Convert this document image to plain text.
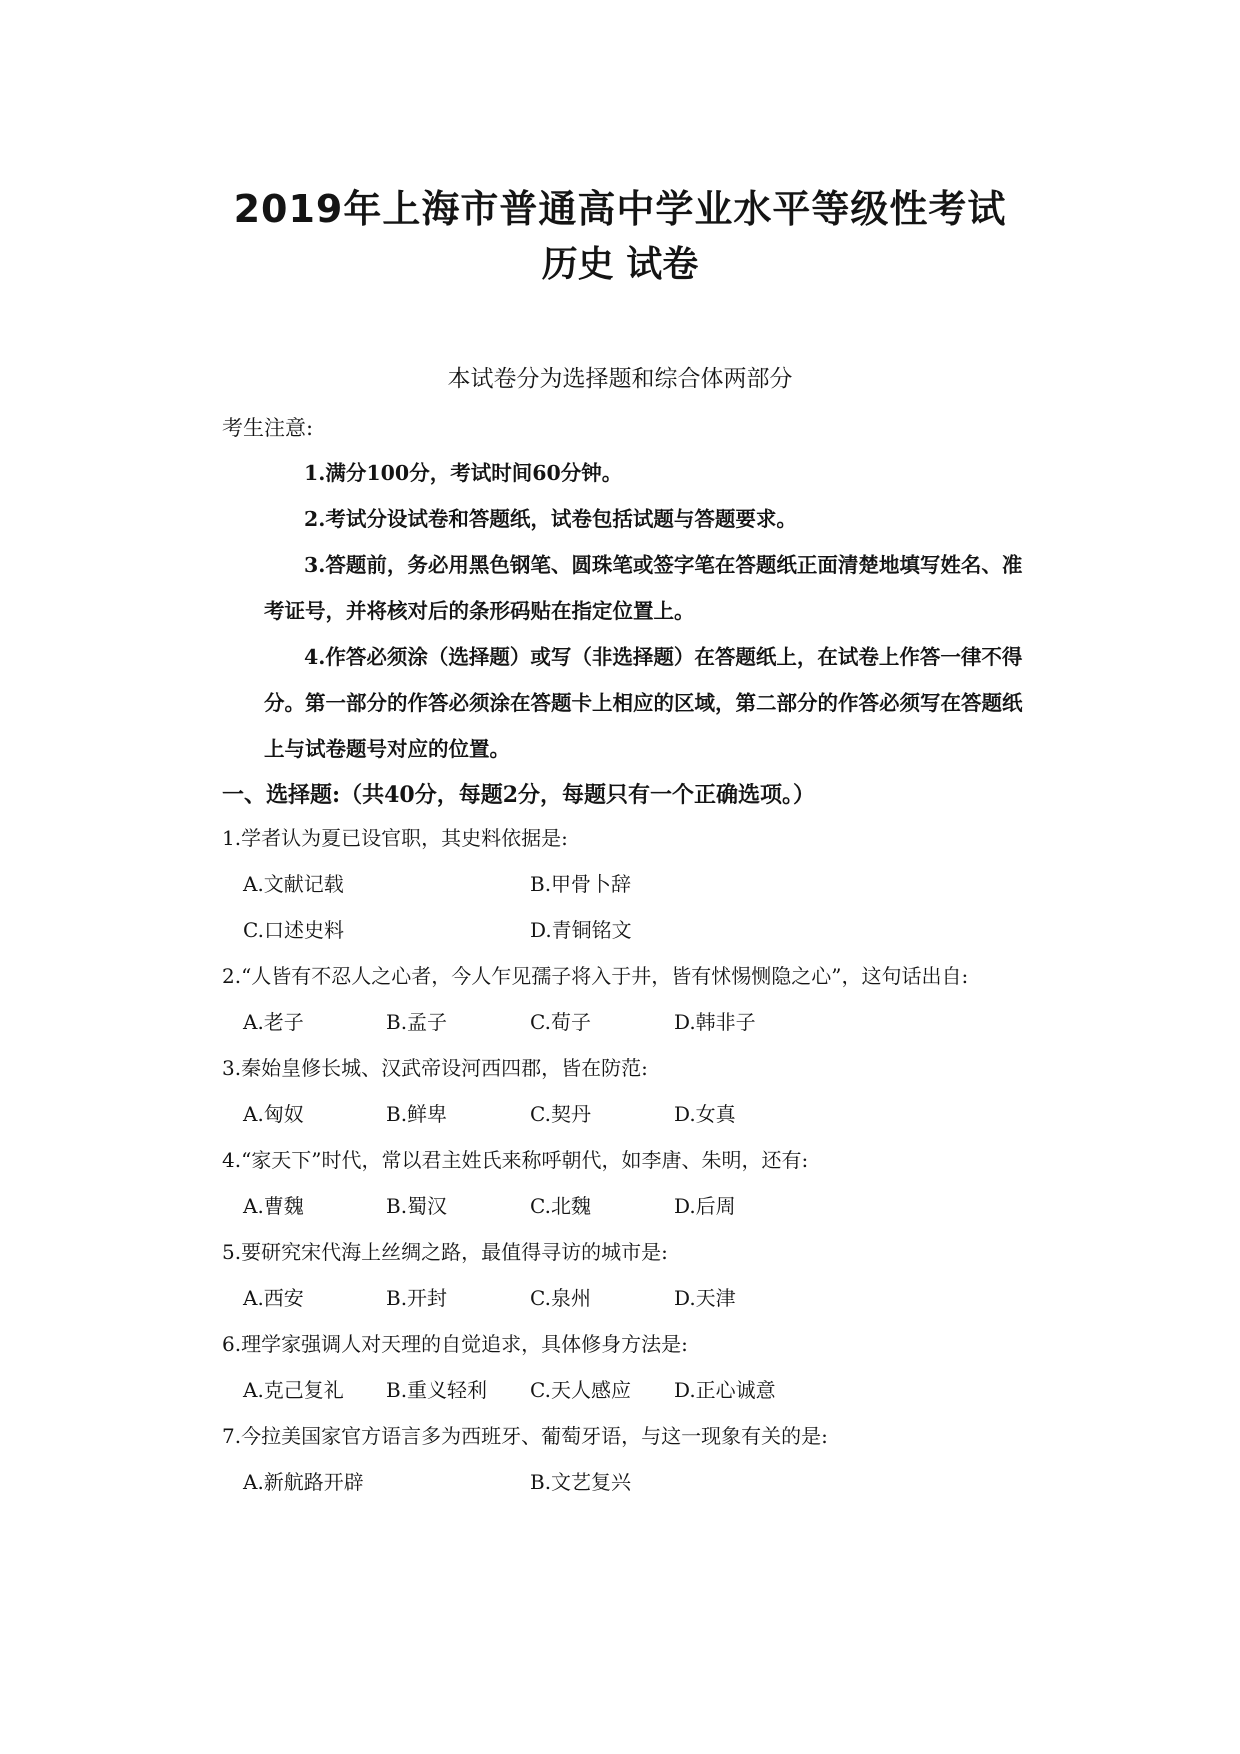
2019年上海市普通高中学业水平等级性考试
历史 试卷
本试卷分为选择题和综合体两部分
考生注意:
1.满分100分，考试时间60分钟。
2.考试分设试卷和答题纸，试卷包括试题与答题要求。
3.答题前，务必用黑色钢笔、圆珠笔或签字笔在答题纸正面清楚地填写姓名、准
考证号，并将核对后的条形码贴在指定位置上。
4.作答必须涂（选择题）或写（非选择题）在答题纸上，在试卷上作答一律不得
分。第一部分的作答必须涂在答题卡上相应的区域，第二部分的作答必须写在答题纸
上与试卷题号对应的位置。
一、选择题:（共40分，每题2分，每题只有一个正确选项。）
1.学者认为夏已设官职，其史料依据是:
A.文献记载	B.甲骨卜辞
C.口述史料	D.青铜铭文
2.“人皆有不忍人之心者，今人乍见孺子将入于井，皆有怵惕恻隐之心”，这句话出自:
A.老子	B.孟子	C.荀子	D.韩非子
3.秦始皇修长城、汉武帝设河西四郡，皆在防范:
A.匈奴	B.鲜卑	C.契丹	D.女真
4.“家天下”时代，常以君主姓氏来称呼朝代，如李唐、朱明，还有:
A.曹魏	B.蜀汉	C.北魏	D.后周
5.要研究宋代海上丝绸之路，最值得寻访的城市是:
A.西安	B.开封	C.泉州	D.天津
6.理学家强调人对天理的自觉追求，具体修身方法是:
A.克己复礼 B.重义轻利 C.天人感应 D.正心诚意
7.今拉美国家官方语言多为西班牙、葡萄牙语，与这一现象有关的是:
A.新航路开辟	B.文艺复兴
